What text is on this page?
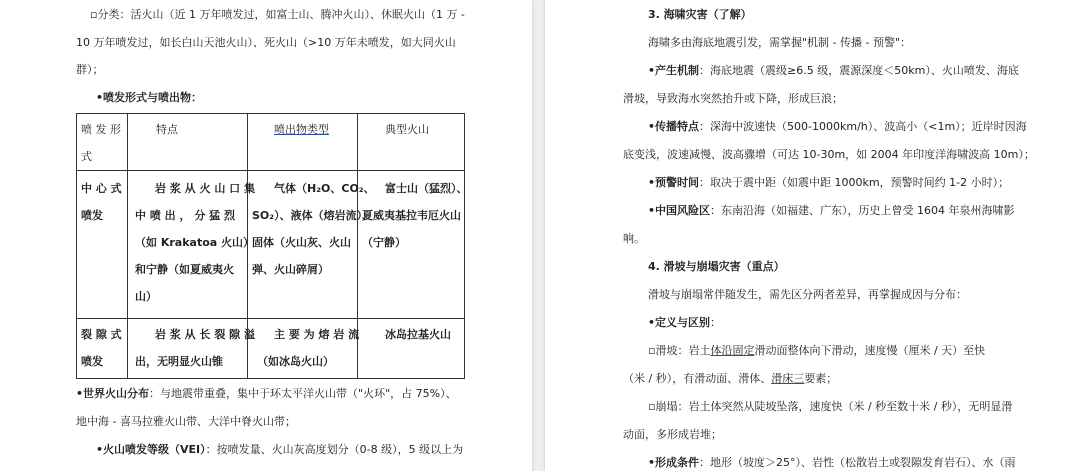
▫分类：活火山（近 1 万年喷发过，如富士山、腾冲火山）、休眠火山（1 万 -
10 万年喷发过，如长白山天池火山）、死火山（>10 万年未喷发，如大同火山
群）；
•喷发形式与喷出物：
喷 发 形
式
特点	喷出物类型	典型火山
中 心 式
喷发
岩 浆 从 火 山 口 集
中 喷 出 ， 分 猛 烈
（如 Krakatoa 火山）
和宁静（如夏威夷火
山）
气体（H₂O、CO₂、
SO₂）、液体（熔岩流）、
固体（火山灰、火山
弹、火山碎屑）
富士山（猛烈）、
夏威夷基拉韦厄火山
（宁静）
裂 隙 式
喷发
岩 浆 从 长 裂 隙 溢
出，无明显火山锥
主 要 为 熔 岩 流
（如冰岛火山）
冰岛拉基火山
•世界火山分布：与地震带重叠，集中于环太平洋火山带（"火环"，占 75%）、
地中海 - 喜马拉雅火山带、大洋中脊火山带；
•火山喷发等级（VEI）：按喷发量、火山灰高度划分（0-8 级），5 级以上为
3. 海啸灾害（了解）
海啸多由海底地震引发，需掌握"机制 - 传播 - 预警"：
•产生机制：海底地震（震级≥6.5 级，震源深度＜50km）、火山喷发、海底
滑坡，导致海水突然抬升或下降，形成巨浪；
•传播特点：深海中波速快（500-1000km/h）、波高小（<1m）；近岸时因海
底变浅，波速减慢、波高骤增（可达 10-30m，如 2004 年印度洋海啸波高 10m）；
•预警时间：取决于震中距（如震中距 1000km，预警时间约 1-2 小时）；
•中国风险区：东南沿海（如福建、广东），历史上曾受 1604 年泉州海啸影
响。
4. 滑坡与崩塌灾害（重点）
滑坡与崩塌常伴随发生，需先区分两者差异，再掌握成因与分布：
•定义与区别：
▫滑坡：岩土体沿固定滑动面整体向下滑动，速度慢（厘米 / 天）至快
（米 / 秒），有滑动面、滑体、滑床三要素；
▫崩塌：岩土体突然从陡坡坠落，速度快（米 / 秒至数十米 / 秒），无明显滑
动面，多形成岩堆；
•形成条件：地形（坡度＞25°）、岩性（松散岩土或裂隙发育岩石）、水（雨
